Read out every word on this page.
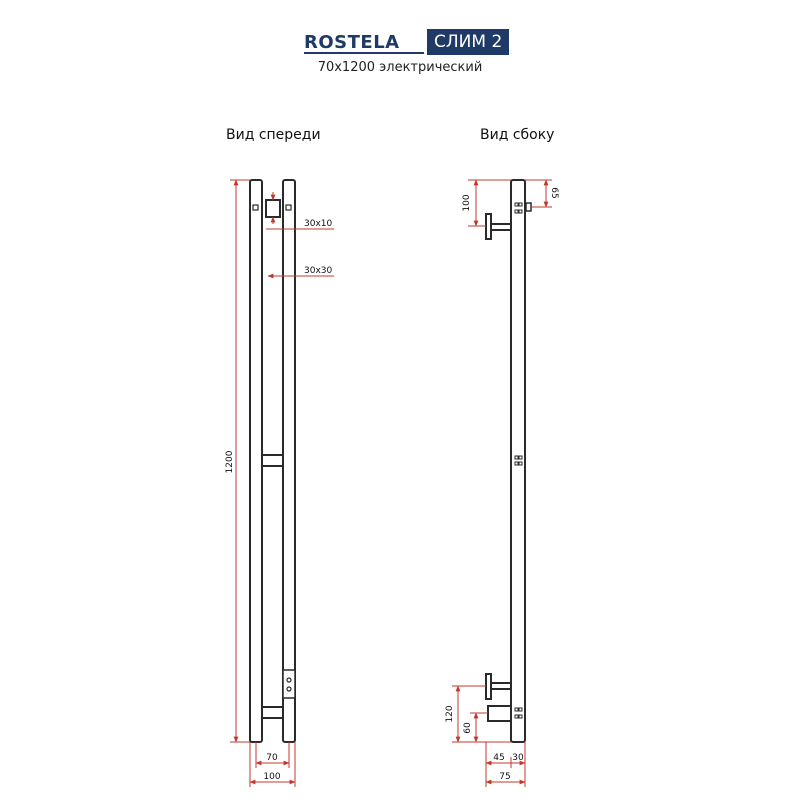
ROSTELA	СЛИМ 2
70х1200 электрический
Вид спереди	Вид сбоку
1200
30x10
30x30
70
100
100
65
120
60
45 30
75
